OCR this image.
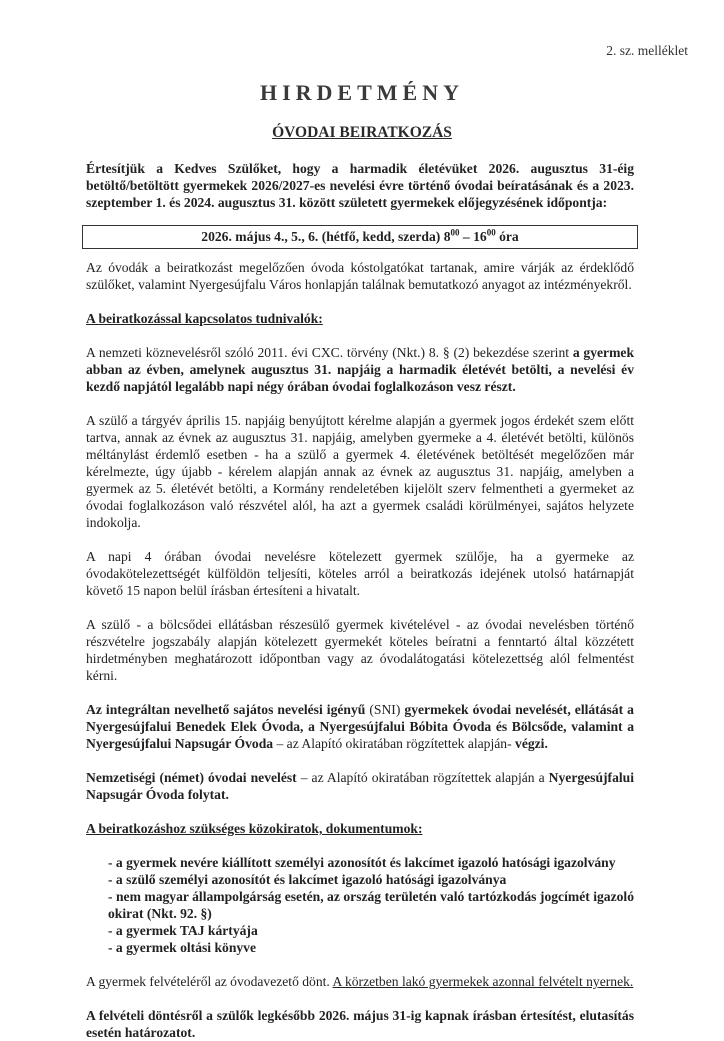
2. sz. melléklet
HIRDETMÉNY
ÓVODAI BEIRATKOZÁS

Értesítjük a Kedves Szülőket, hogy a harmadik életévüket 2026. augusztus 31-éig betöltő/betöltött gyermekek 2026/2027-es nevelési évre történő óvodai beíratásának és a 2023. szeptember 1. és 2024. augusztus 31. között született gyermekek előjegyzésének időpontja:

2026. május 4., 5., 6. (hétfő, kedd, szerda) $8^{00} - 16^{00}$ óra

Az óvodák a beiratkozást megelőzően óvoda kóstolgatókat tartanak, amire várják az érdeklődő szülőket, valamint Nyergesújfalu Város honlapján találnak bemutatkozó anyagot az intézményekről.

A beiratkozással kapcsolatos tudnivalók:

A nemzeti köznevelésről szóló 2011. évi CXC. törvény (Nkt.) 8. § (2) bekezdése szerint a gyermek abban az évben, amelynek augusztus 31. napjáig a harmadik életévét betölti, a nevelési év kezdő napjától legalább napi négy órában óvodai foglalkozáson vesz részt.

A szülő a tárgyév április 15. napjáig benyújtott kérelme alapján a gyermek jogos érdekét szem előtt tartva, annak az évnek az augusztus 31. napjáig, amelyben gyermeke a 4. életévét betölti, különös méltánylást érdemlő esetben - ha a szülő a gyermek 4. életévének betöltését megelőzően már kérelmezte, úgy újabb - kérelem alapján annak az évnek az augusztus 31. napjáig, amelyben a gyermek az 5. életévét betölti, a Kormány rendeletében kijelölt szerv felmentheti a gyermeket az óvodai foglalkozáson való részvétel alól, ha azt a gyermek családi körülményei, sajátos helyzete indokolja.

A napi 4 órában óvodai nevelésre kötelezett gyermek szülője, ha a gyermeke az óvodakötelezettségét külföldön teljesíti, köteles arról a beiratkozás idejének utolsó határnapját követő 15 napon belül írásban értesíteni a hivatalt.

A szülő - a bölcsődei ellátásban részesülő gyermek kivételével - az óvodai nevelésben történő részvételre jogszabály alapján kötelezett gyermekét köteles beíratni a fenntartó által közzétett hirdetményben meghatározott időpontban vagy az óvodalátogatási kötelezettség alól felmentést kérni.

Az integráltan nevelhető sajátos nevelési igényű (SNI) gyermekek óvodai nevelését, ellátását a Nyergesújfalui Benedek Elek Óvoda, a Nyergesújfalui Bóbita Óvoda és Bölcsőde, valamint a Nyergesújfalui Napsugár Óvoda – az Alapító okiratában rögzítettek alapján- végzi.

Nemzetiségi (német) óvodai nevelést – az Alapító okiratában rögzítettek alapján a Nyergesújfalui Napsugár Óvoda folytat.

A beiratkozáshoz szükséges közokiratok, dokumentumok:

- a gyermek nevére kiállított személyi azonosítót és lakcímet igazoló hatósági igazolvány
- a szülő személyi azonosítót és lakcímet igazoló hatósági igazolványa
- nem magyar állampolgárság esetén, az ország területén való tartózkodás jogcímét igazoló okirat (Nkt. 92. §)
- a gyermek TAJ kártyája
- a gyermek oltási könyve

A gyermek felvételéről az óvodavezető dönt. A körzetben lakó gyermekek azonnal felvételt nyernek.

A felvételi döntésről a szülők legkésőbb 2026. május 31-ig kapnak írásban értesítést, elutasítás esetén határozatot.
